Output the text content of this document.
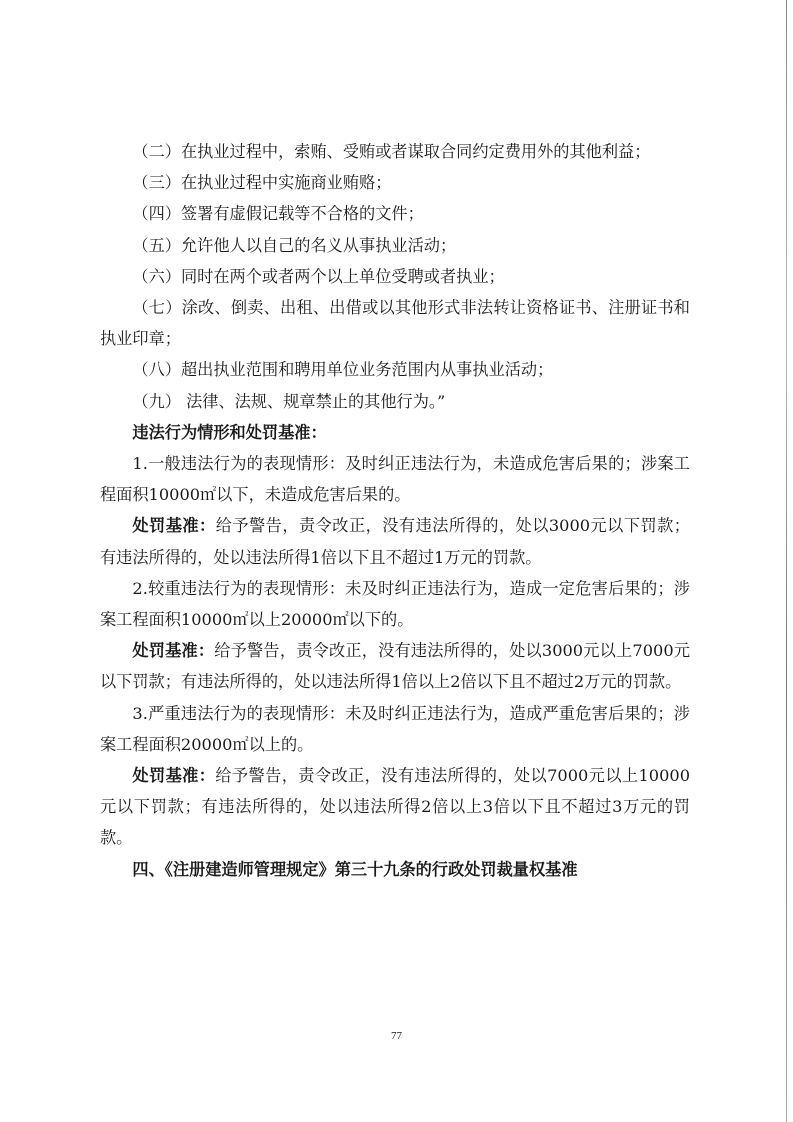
（二）在执业过程中，索贿、受贿或者谋取合同约定费用外的其他利益；

（三）在执业过程中实施商业贿赂；

（四）签署有虚假记载等不合格的文件；

（五）允许他人以自己的名义从事执业活动；

（六）同时在两个或者两个以上单位受聘或者执业；

（七）涂改、倒卖、出租、出借或以其他形式非法转让资格证书、注册证书和执业印章；

（八）超出执业范围和聘用单位业务范围内从事执业活动；

（九） 法律、法规、规章禁止的其他行为。”

违法行为情形和处罚基准：

1.一般违法行为的表现情形：及时纠正违法行为，未造成危害后果的；涉案工程面积10000㎡以下，未造成危害后果的。

处罚基准：给予警告，责令改正，没有违法所得的，处以3000元以下罚款；有违法所得的，处以违法所得1倍以下且不超过1万元的罚款。

2.较重违法行为的表现情形：未及时纠正违法行为，造成一定危害后果的；涉案工程面积10000㎡以上20000㎡以下的。

处罚基准：给予警告，责令改正，没有违法所得的，处以3000元以上7000元以下罚款；有违法所得的，处以违法所得1倍以上2倍以下且不超过2万元的罚款。

3.严重违法行为的表现情形：未及时纠正违法行为，造成严重危害后果的；涉案工程面积20000㎡以上的。

处罚基准：给予警告，责令改正，没有违法所得的，处以7000元以上10000元以下罚款；有违法所得的，处以违法所得2倍以上3倍以下且不超过3万元的罚款。

四、《注册建造师管理规定》第三十九条的行政处罚裁量权基准

77
